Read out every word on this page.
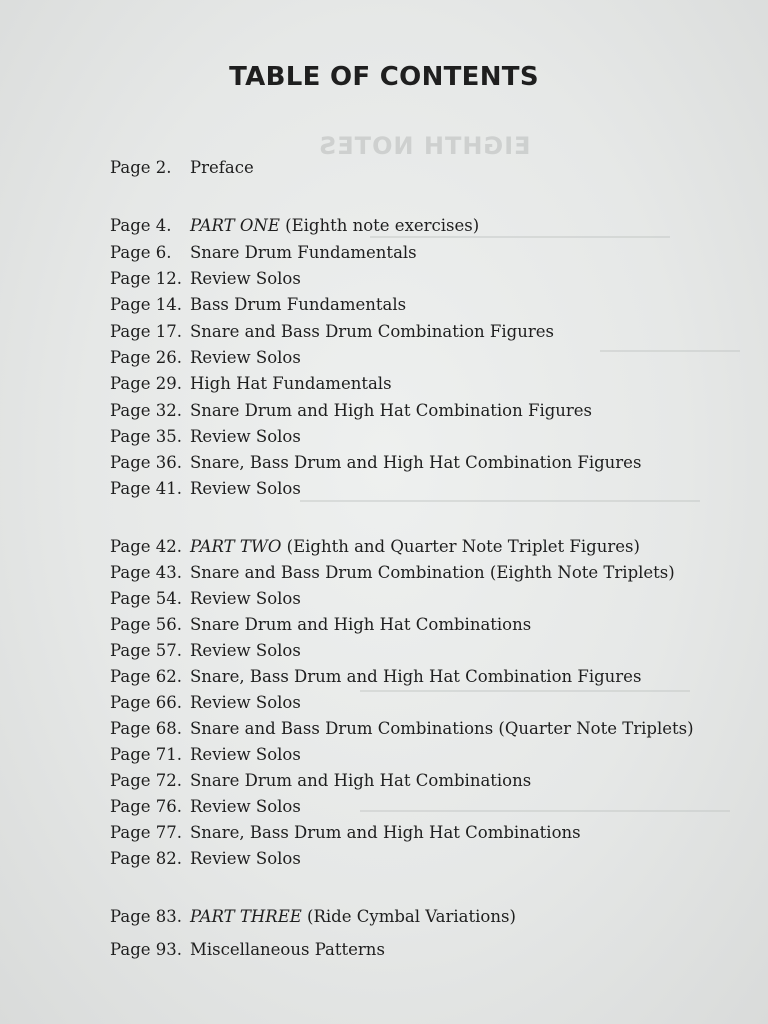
EIGHTH NOTES
TABLE OF CONTENTS
Page 2. Preface
Page 4. PART ONE (Eighth note exercises)
Page 6. Snare Drum Fundamentals
Page 12. Review Solos
Page 14. Bass Drum Fundamentals
Page 17. Snare and Bass Drum Combination Figures
Page 26. Review Solos
Page 29. High Hat Fundamentals
Page 32. Snare Drum and High Hat Combination Figures
Page 35. Review Solos
Page 36. Snare, Bass Drum and High Hat Combination Figures
Page 41. Review Solos
Page 42. PART TWO (Eighth and Quarter Note Triplet Figures)
Page 43. Snare and Bass Drum Combination (Eighth Note Triplets)
Page 54. Review Solos
Page 56. Snare Drum and High Hat Combinations
Page 57. Review Solos
Page 62. Snare, Bass Drum and High Hat Combination Figures
Page 66. Review Solos
Page 68. Snare and Bass Drum Combinations (Quarter Note Triplets)
Page 71. Review Solos
Page 72. Snare Drum and High Hat Combinations
Page 76. Review Solos
Page 77. Snare, Bass Drum and High Hat Combinations
Page 82. Review Solos
Page 83. PART THREE (Ride Cymbal Variations)
Page 93. Miscellaneous Patterns
